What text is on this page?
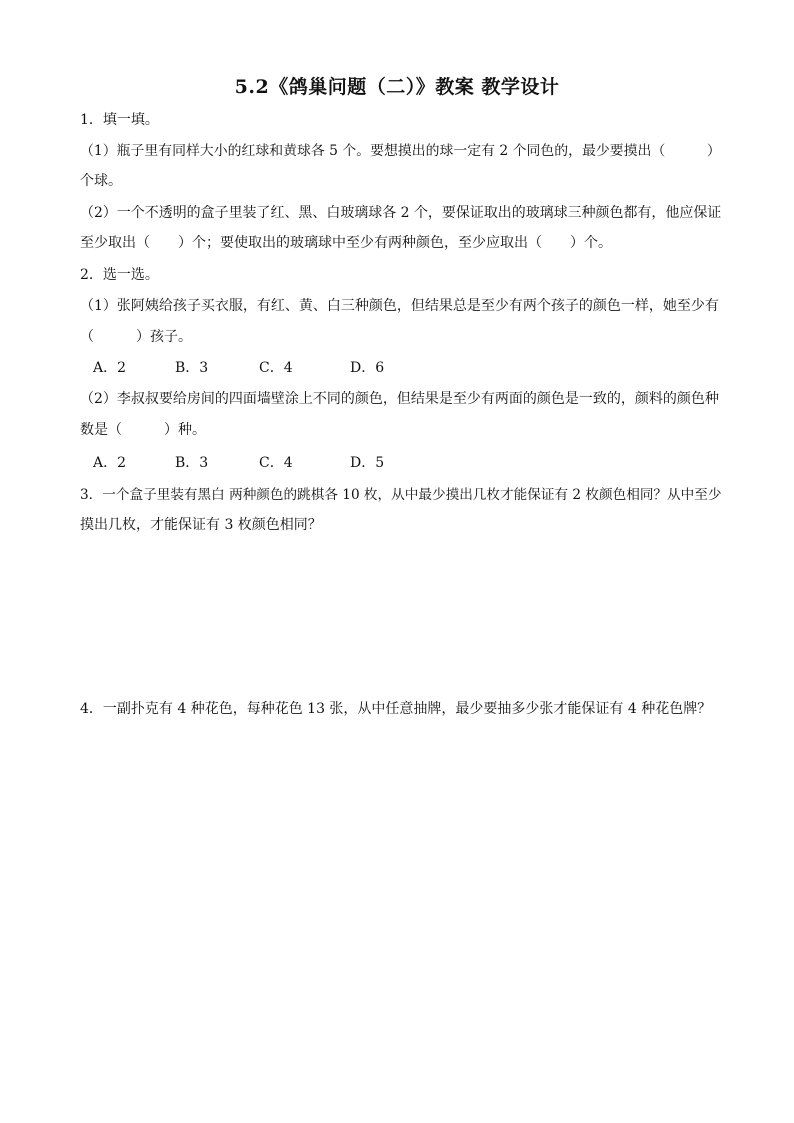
5.2《鸽巢问题（二）》教案 教学设计
1．填一填。
（1）瓶子里有同样大小的红球和黄球各 5 个。要想摸出的球一定有 2 个同色的，最少要摸出（　　　）
个球。
（2）一个不透明的盒子里装了红、黑、白玻璃球各 2 个，要保证取出的玻璃球三种颜色都有，他应保证
至少取出（　　）个；要使取出的玻璃球中至少有两种颜色，至少应取出（　　）个。
2．选一选。
（1）张阿姨给孩子买衣服，有红、黄、白三种颜色，但结果总是至少有两个孩子的颜色一样，她至少有
（　　　）孩子。
A．2	B．3	C．4	D．6
（2）李叔叔要给房间的四面墙壁涂上不同的颜色，但结果是至少有两面的颜色是一致的，颜料的颜色种
数是（　　　）种。
A．2	B．3	C．4	D．5
3．一个盒子里装有黑白 两种颜色的跳棋各 10 枚，从中最少摸出几枚才能保证有 2 枚颜色相同？从中至少
摸出几枚，才能保证有 3 枚颜色相同？
4．一副扑克有 4 种花色，每种花色 13 张，从中任意抽牌，最少要抽多少张才能保证有 4 种花色牌？
